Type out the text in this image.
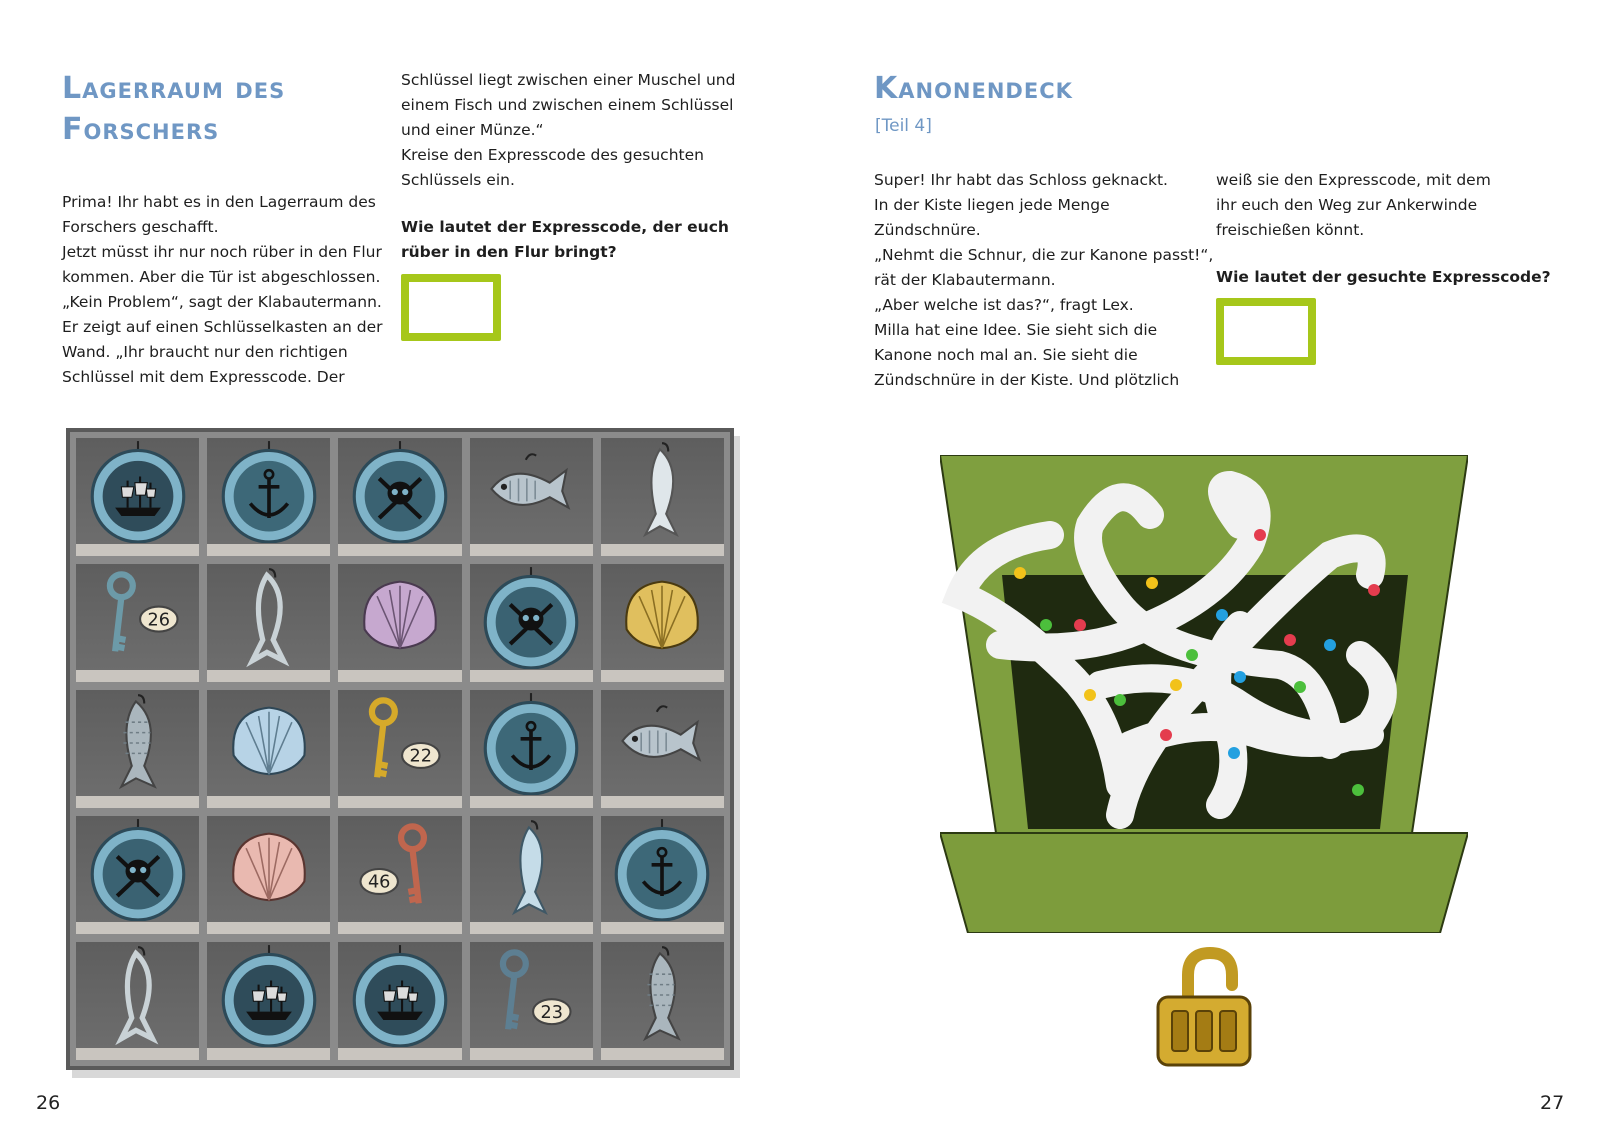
Lagerraum des
Forschers
Prima! Ihr habt es in den Lagerraum des
Forschers geschafft.
Jetzt müsst ihr nur noch rüber in den Flur
kommen. Aber die Tür ist abgeschlossen.
„Kein Problem“, sagt der Klabautermann.
Er zeigt auf einen Schlüsselkasten an der
Wand. „Ihr braucht nur den richtigen
Schlüssel mit dem Expresscode. Der
Schlüssel liegt zwischen einer Muschel und
einem Fisch und zwischen einem Schlüssel
und einer Münze.“
Kreise den Expresscode des gesuchten
Schlüssels ein.
Wie lautet der Expresscode, der euch
rüber in den Flur bringt?
26
22
46
23
26
Kanonendeck
[Teil 4]
Super! Ihr habt das Schloss geknackt.
In der Kiste liegen jede Menge
Zündschnüre.
„Nehmt die Schnur, die zur Kanone passt!“,
rät der Klabautermann.
„Aber welche ist das?“, fragt Lex.
Milla hat eine Idee. Sie sieht sich die
Kanone noch mal an. Sie sieht die
Zündschnüre in der Kiste. Und plötzlich
weiß sie den Expresscode, mit dem
ihr euch den Weg zur Ankerwinde
freischießen könnt.
Wie lautet der gesuchte Expresscode?
27
